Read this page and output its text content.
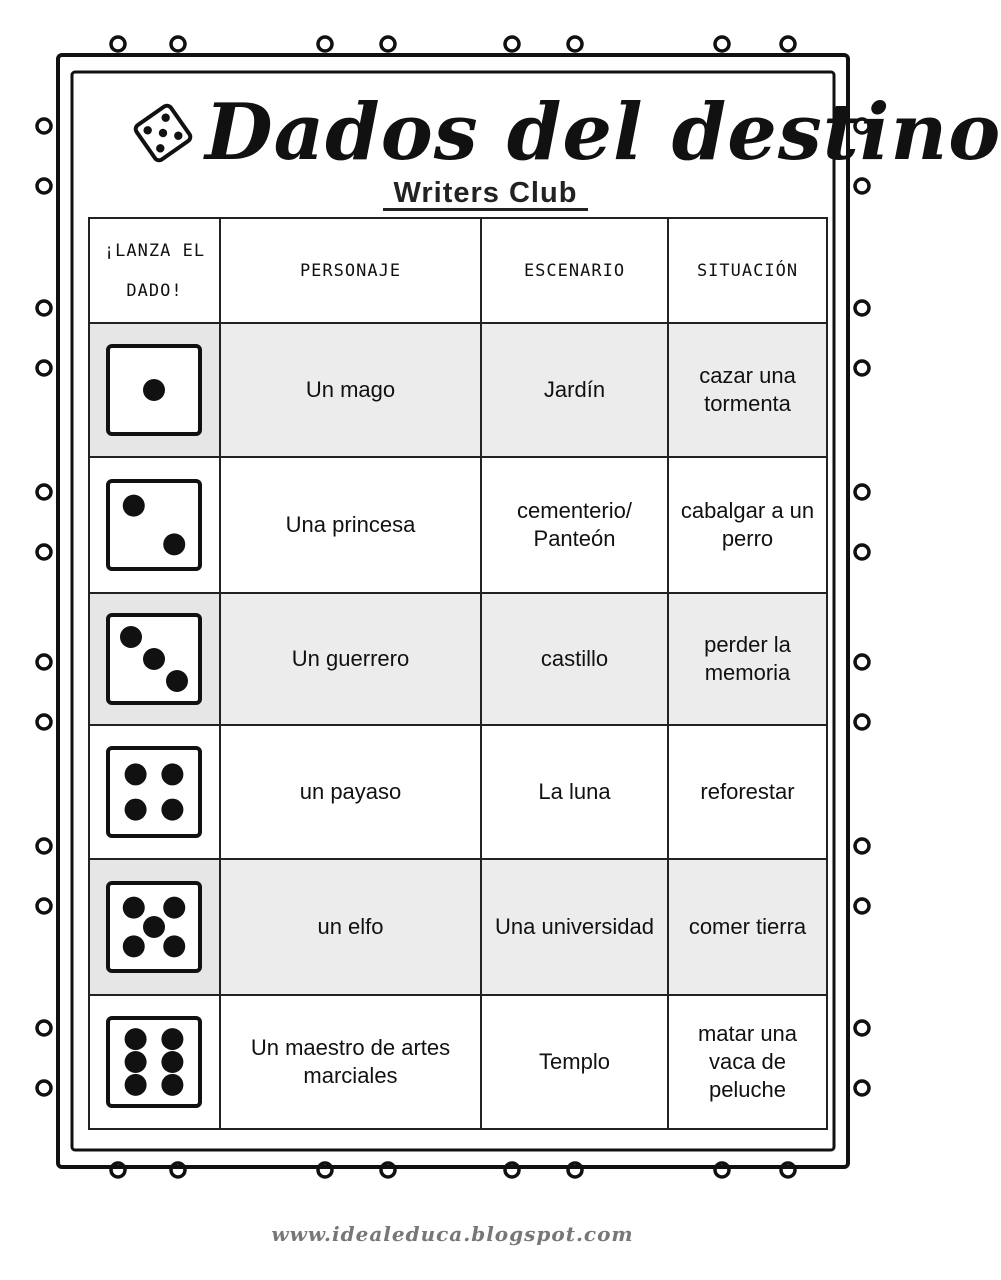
Dados del destino
Writers Club
¡LANZA EL DADO!	PERSONAJE	ESCENARIO	SITUACIÓN

	Un mago	Jardín	cazar una tormenta

	Una princesa	cementerio/ Panteón	cabalgar a un perro

	Un guerrero	castillo	perder la memoria

	un payaso	La luna	reforestar

	un elfo	Una universidad	comer tierra

	Un maestro de artes marciales	Templo	matar una vaca de peluche
www.idealeduca.blogspot.com
